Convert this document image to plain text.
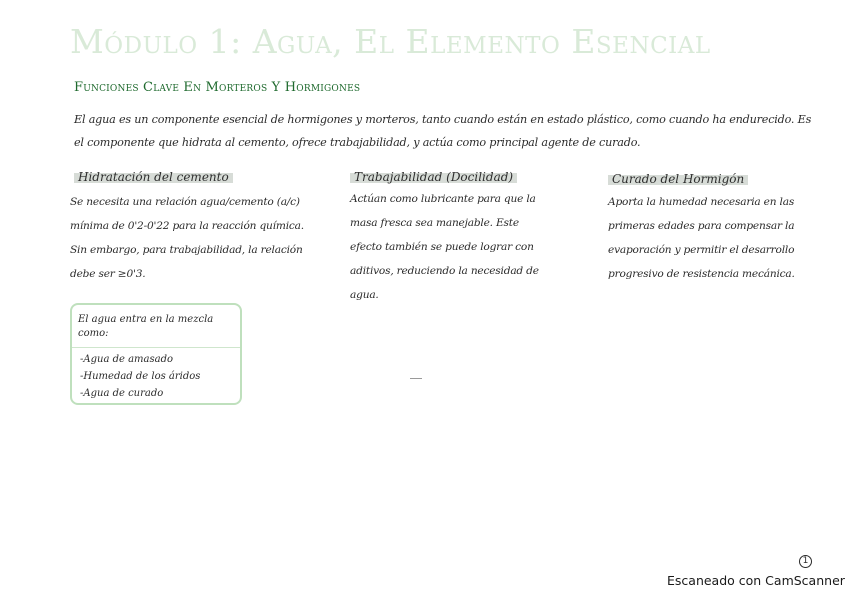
Módulo 1: Agua, El Elemento Esencial
Funciones Clave En Morteros Y Hormigones
El agua es un componente esencial de hormigones y morteros, tanto cuando están en estado plástico, como cuando ha endurecido. Es el componente que hidrata al cemento, ofrece trabajabilidad, y actúa como principal agente de curado.
Hidratación del cemento
Se necesita una relación agua/cemento (a/c) mínima de 0'2-0'22 para la reacción química. Sin embargo, para trabajabilidad, la relación debe ser ≥0'3.
Trabajabilidad (Docilidad)
Actúan como lubricante para que la masa fresca sea manejable. Este efecto también se puede lograr con aditivos, reduciendo la necesidad de agua.
Curado del Hormigón
Aporta la humedad necesaria en las primeras edades para compensar la evaporación y permitir el desarrollo progresivo de resistencia mecánica.
El agua entra en la mezcla como:
-Agua de amasado
-Humedad de los áridos
-Agua de curado
1
Escaneado con CamScanner
